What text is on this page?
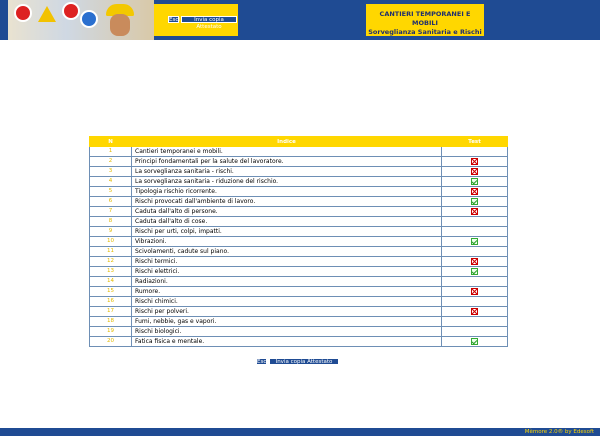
Esci	Invia copia Attestato
CANTIERI TEMPORANEI E MOBILI
Sorveglianza Sanitaria e Rischi
N	Indice	Test
1	Cantieri temporanei e mobili.	
2	Principi fondamentali per la salute del lavoratore.	
3	La sorveglianza sanitaria - rischi.	
4	La sorveglianza sanitaria - riduzione del rischio.	
5	Tipologia rischio ricorrente.	
6	Rischi provocati dall'ambiente di lavoro.	
7	Caduta dall'alto di persone.	
8	Caduta dall'alto di cose.	
9	Rischi per urti, colpi, impatti.	
10	Vibrazioni.	
11	Scivolamenti, cadute sul piano.	
12	Rischi termici.	
13	Rischi elettrici.	
14	Radiazioni.	
15	Rumore.	
16	Rischi chimici.	
17	Rischi per polveri.	
18	Fumi, nebbie, gas e vapori.	
19	Rischi biologici.	
20	Fatica fisica e mentale.	
Esci	Invia copia Attestato
Mèmore 2.0® by Edesoft
